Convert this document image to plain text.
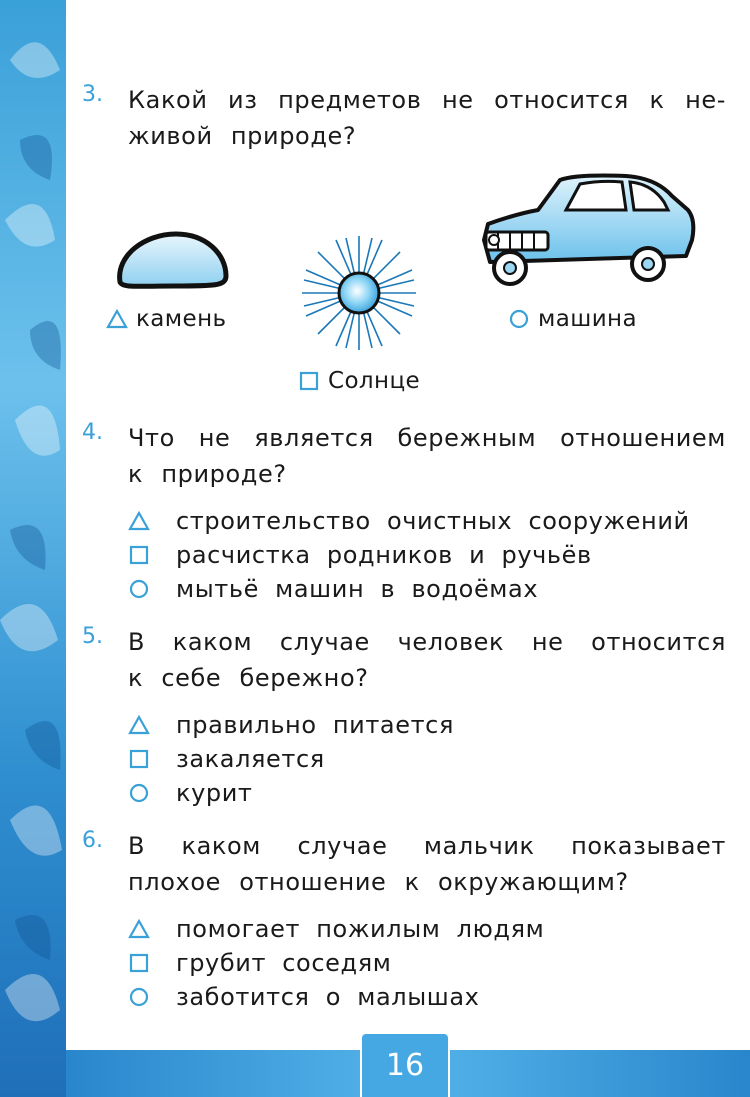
3. Какой из предметов не относится к не-
живой природе?
камень
Солнце
машина
4. Что не является бережным отношением
к природе?
строительство очистных сооружений
расчистка родников и ручьёв
мытьё машин в водоёмах
5. В каком случае человек не относится
к себе бережно?
правильно питается
закаляется
курит
6. В каком случае мальчик показывает
плохое отношение к окружающим?
помогает пожилым людям
грубит соседям
заботится о малышах
16
